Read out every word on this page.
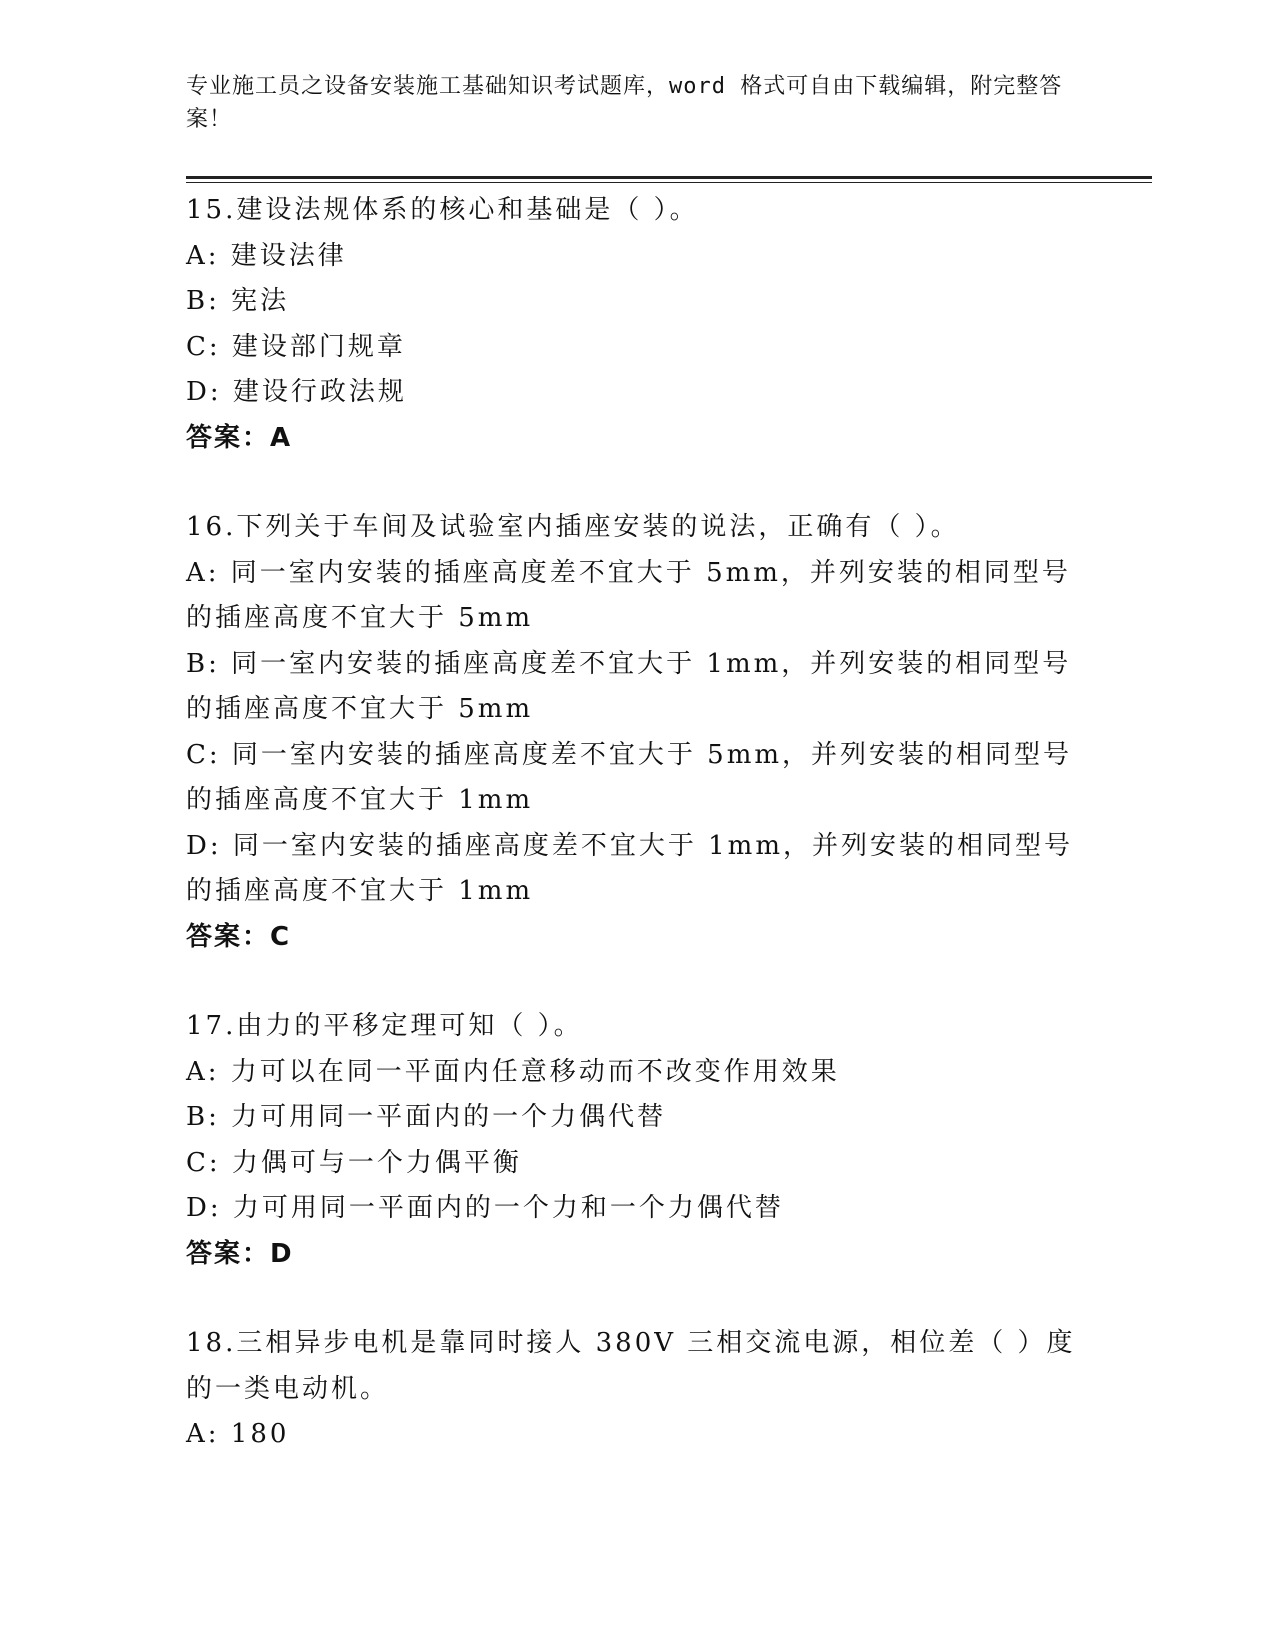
专业施工员之设备安装施工基础知识考试题库，word 格式可自由下载编辑，附完整答案！
15.建设法规体系的核心和基础是（ ）。
A: 建设法律
B: 宪法
C: 建设部门规章
D: 建设行政法规
答案：A
16.下列关于车间及试验室内插座安装的说法，正确有（ ）。
A: 同一室内安装的插座高度差不宜大于 5mm，并列安装的相同型号的插座高度不宜大于 5mm
B: 同一室内安装的插座高度差不宜大于 1mm，并列安装的相同型号的插座高度不宜大于 5mm
C: 同一室内安装的插座高度差不宜大于 5mm，并列安装的相同型号的插座高度不宜大于 1mm
D: 同一室内安装的插座高度差不宜大于 1mm，并列安装的相同型号的插座高度不宜大于 1mm
答案：C
17.由力的平移定理可知（ ）。
A: 力可以在同一平面内任意移动而不改变作用效果
B: 力可用同一平面内的一个力偶代替
C: 力偶可与一个力偶平衡
D: 力可用同一平面内的一个力和一个力偶代替
答案：D
18.三相异步电机是靠同时接人 380V 三相交流电源，相位差（ ）度的一类电动机。
A: 180
